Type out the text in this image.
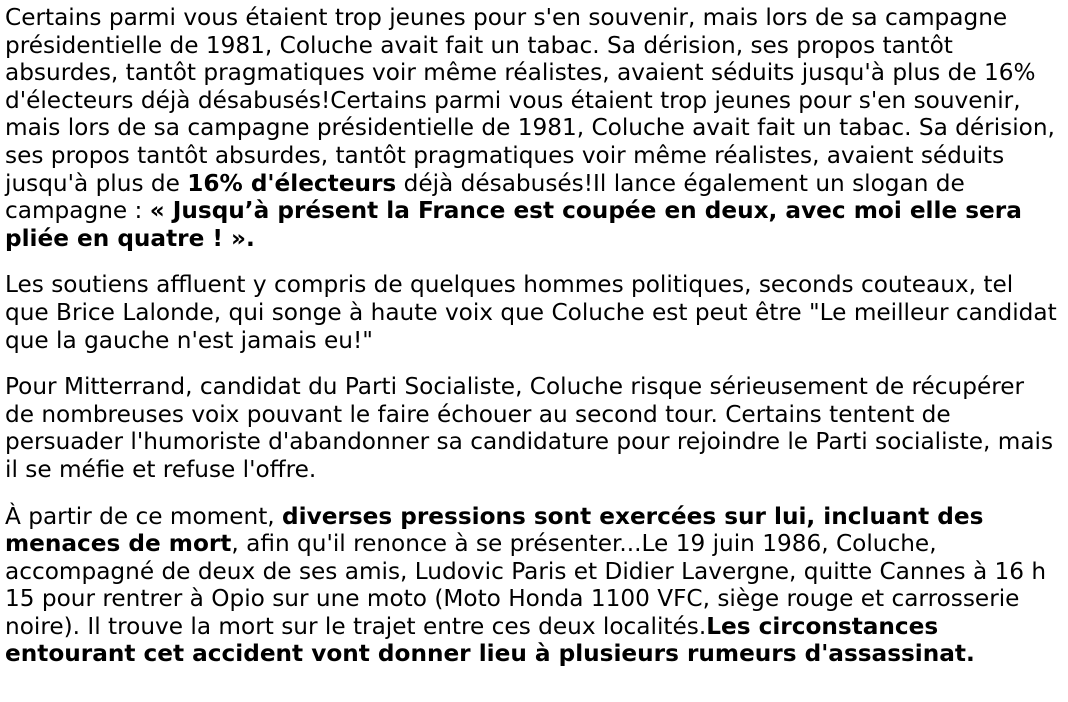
Certains parmi vous étaient trop jeunes pour s'en souvenir, mais lors de sa campagne présidentielle de 1981, Coluche avait fait un tabac. Sa dérision, ses propos tantôt absurdes, tantôt pragmatiques voir même réalistes, avaient séduits jusqu'à plus de 16% d'électeurs déjà désabusés!Certains parmi vous étaient trop jeunes pour s'en souvenir, mais lors de sa campagne présidentielle de 1981, Coluche avait fait un tabac. Sa dérision, ses propos tantôt absurdes, tantôt pragmatiques voir même réalistes, avaient séduits jusqu'à plus de 16% d'électeurs déjà désabusés!Il lance également un slogan de campagne : « Jusqu’à présent la France est coupée en deux, avec moi elle sera pliée en quatre ! ».

Les soutiens affluent y compris de quelques hommes politiques, seconds couteaux, tel que Brice Lalonde, qui songe à haute voix que Coluche est peut être "Le meilleur candidat que la gauche n'est jamais eu!"

Pour Mitterrand, candidat du Parti Socialiste, Coluche risque sérieusement de récupérer de nombreuses voix pouvant le faire échouer au second tour. Certains tentent de persuader l'humoriste d'abandonner sa candidature pour rejoindre le Parti socialiste, mais il se méfie et refuse l'offre.

À partir de ce moment, diverses pressions sont exercées sur lui, incluant des menaces de mort, afin qu'il renonce à se présenter...Le 19 juin 1986, Coluche, accompagné de deux de ses amis, Ludovic Paris et Didier Lavergne, quitte Cannes à 16 h 15 pour rentrer à Opio sur une moto (Moto Honda 1100 VFC, siège rouge et carrosserie noire). Il trouve la mort sur le trajet entre ces deux localités.Les circonstances entourant cet accident vont donner lieu à plusieurs rumeurs d'assassinat.
